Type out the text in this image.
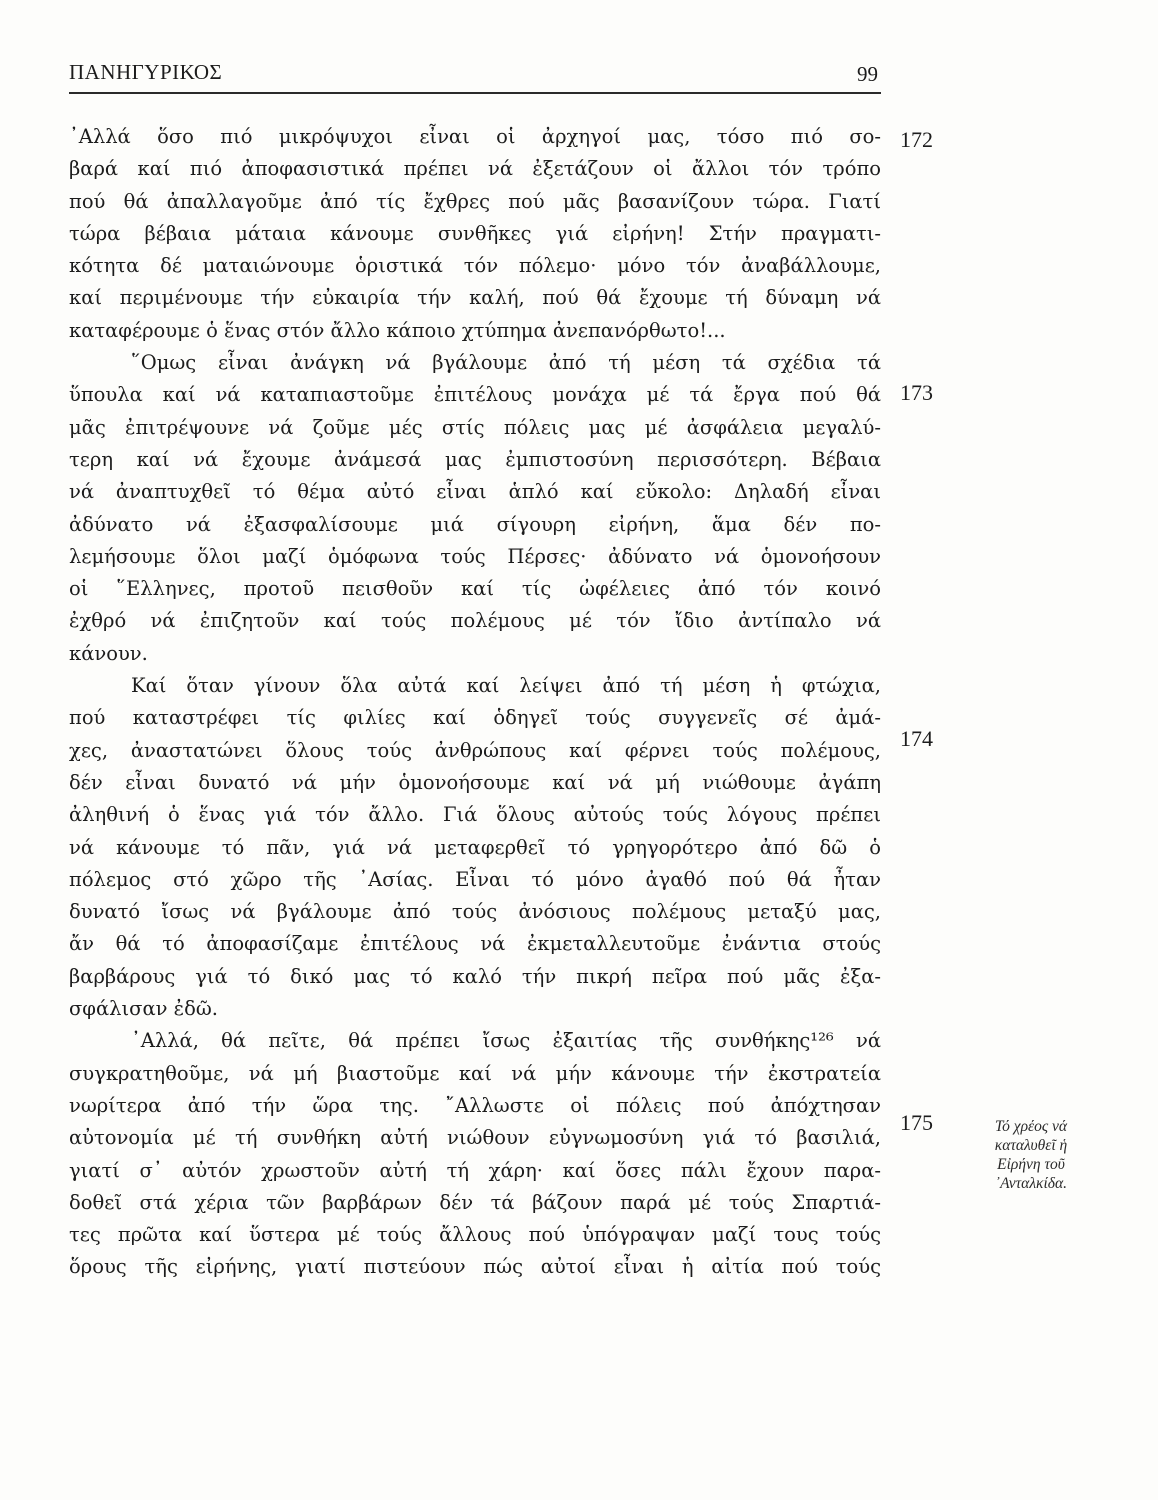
ΠΑΝΗΓΥΡΙΚΟΣ	99
᾿Αλλά ὅσο πιό μικρόψυχοι εἶναι οἱ ἀρχηγοί μας, τόσο πιό σο-
βαρά καί πιό ἀποφασιστικά πρέπει νά ἐξετάζουν οἱ ἄλλοι τόν τρόπο
πού θά ἀπαλλαγοῦμε ἀπό τίς ἔχθρες πού μᾶς βασανίζουν τώρα. Γιατί
τώρα βέβαια μάταια κάνουμε συνθῆκες γιά εἰρήνη! Στήν πραγματι-
κότητα δέ ματαιώνουμε ὁριστικά τόν πόλεμο· μόνο τόν ἀναβάλλουμε,
καί περιμένουμε τήν εὐκαιρία τήν καλή, πού θά ἔχουμε τή δύναμη νά
καταφέρουμε ὁ ἕνας στόν ἄλλο κάποιο χτύπημα ἀνεπανόρθωτο!...
῞Ομως εἶναι ἀνάγκη νά βγάλουμε ἀπό τή μέση τά σχέδια τά
ὕπουλα καί νά καταπιαστοῦμε ἐπιτέλους μονάχα μέ τά ἔργα πού θά
μᾶς ἐπιτρέψουνε νά ζοῦμε μές στίς πόλεις μας μέ ἀσφάλεια μεγαλύ-
τερη καί νά ἔχουμε ἀνάμεσά μας ἐμπιστοσύνη περισσότερη. Βέβαια
νά ἀναπτυχθεῖ τό θέμα αὐτό εἶναι ἁπλό καί εὔκολο: Δηλαδή εἶναι
ἀδύνατο νά ἐξασφαλίσουμε μιά σίγουρη εἰρήνη, ἅμα δέν πο-
λεμήσουμε ὅλοι μαζί ὁμόφωνα τούς Πέρσες· ἀδύνατο νά ὁμονοήσουν
οἱ ῞Ελληνες, προτοῦ πεισθοῦν καί τίς ὠφέλειες ἀπό τόν κοινό
ἐχθρό νά ἐπιζητοῦν καί τούς πολέμους μέ τόν ἴδιο ἀντίπαλο νά
κάνουν.
Καί ὅταν γίνουν ὅλα αὐτά καί λείψει ἀπό τή μέση ἡ φτώχια,
πού καταστρέφει τίς φιλίες καί ὁδηγεῖ τούς συγγενεῖς σέ ἀμά-
χες, ἀναστατώνει ὅλους τούς ἀνθρώπους καί φέρνει τούς πολέμους,
δέν εἶναι δυνατό νά μήν ὁμονοήσουμε καί νά μή νιώθουμε ἀγάπη
ἀληθινή ὁ ἕνας γιά τόν ἄλλο. Γιά ὅλους αὐτούς τούς λόγους πρέπει
νά κάνουμε τό πᾶν, γιά νά μεταφερθεῖ τό γρηγορότερο ἀπό δῶ ὁ
πόλεμος στό χῶρο τῆς ᾿Ασίας. Εἶναι τό μόνο ἀγαθό πού θά ἦταν
δυνατό ἴσως νά βγάλουμε ἀπό τούς ἀνόσιους πολέμους μεταξύ μας,
ἄν θά τό ἀποφασίζαμε ἐπιτέλους νά ἐκμεταλλευτοῦμε ἐνάντια στούς
βαρβάρους γιά τό δικό μας τό καλό τήν πικρή πεῖρα πού μᾶς ἐξα-
σφάλισαν ἐδῶ.
᾿Αλλά, θά πεῖτε, θά πρέπει ἴσως ἐξαιτίας τῆς συνθήκης¹²⁶ νά
συγκρατηθοῦμε, νά μή βιαστοῦμε καί νά μήν κάνουμε τήν ἐκστρατεία
νωρίτερα ἀπό τήν ὥρα της. ῎Αλλωστε οἱ πόλεις πού ἀπόχτησαν
αὐτονομία μέ τή συνθήκη αὐτή νιώθουν εὐγνωμοσύνη γιά τό βασιλιά,
γιατί σ᾿ αὐτόν χρωστοῦν αὐτή τή χάρη· καί ὅσες πάλι ἔχουν παρα-
δοθεῖ στά χέρια τῶν βαρβάρων δέν τά βάζουν παρά μέ τούς Σπαρτιά-
τες πρῶτα καί ὕστερα μέ τούς ἄλλους πού ὑπόγραψαν μαζί τους τούς
ὅρους τῆς εἰρήνης, γιατί πιστεύουν πώς αὐτοί εἶναι ἡ αἰτία πού τούς
172
173
174
175	Τό χρέος νά
καταλυθεῖ ἡ
Εἰρήνη τοῦ
᾿Ανταλκίδα.
